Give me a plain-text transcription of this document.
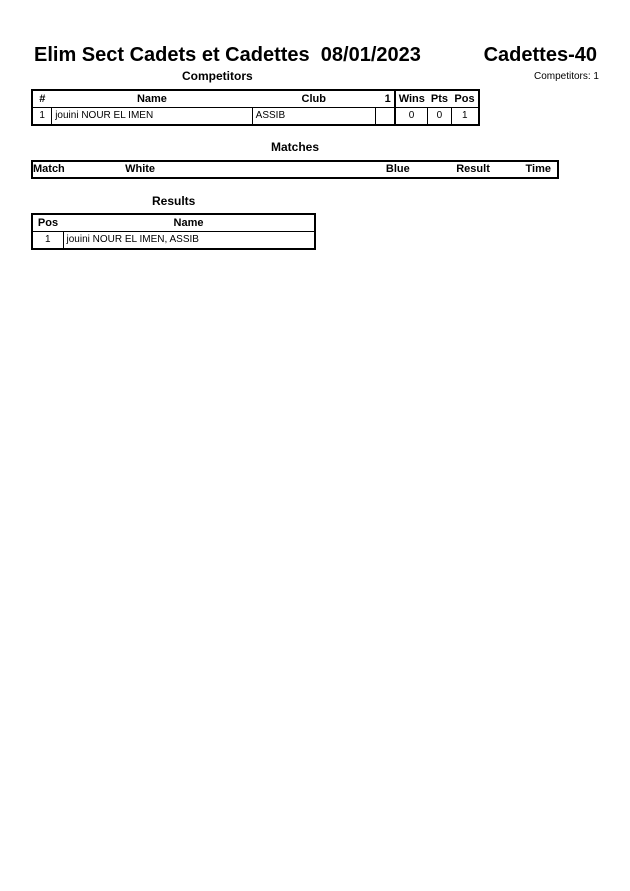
Elim Sect Cadets et Cadettes  08/01/2023	Cadettes-40
Competitors	Competitors: 1
#	Name	Club	1	Wins	Pts	Pos
1	jouini NOUR EL IMEN	ASSIB		0	0	1
Matches
Match	White	Blue	Result	Time
Results
Pos	Name
1	jouini NOUR EL IMEN, ASSIB
